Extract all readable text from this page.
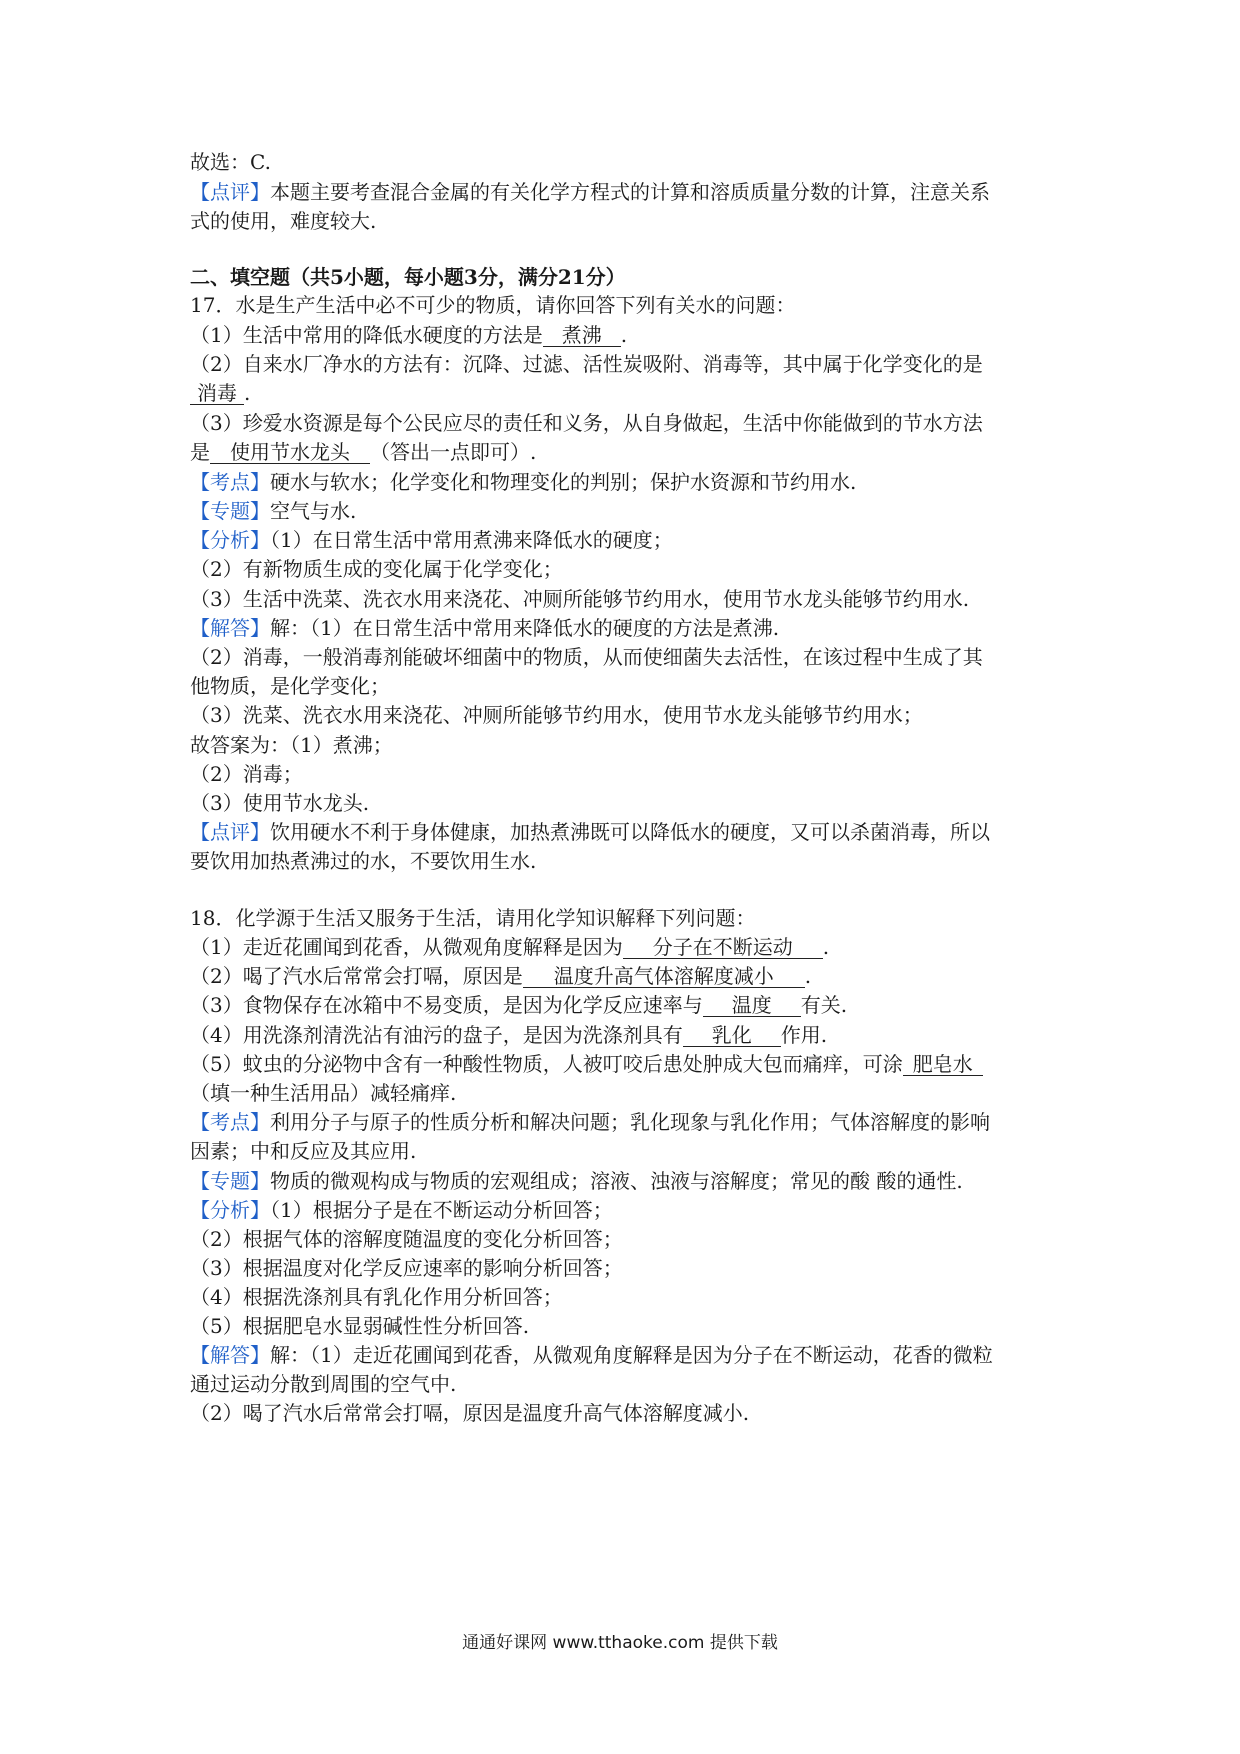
故选：C.
【点评】本题主要考查混合金属的有关化学方程式的计算和溶质质量分数的计算，注意关系
式的使用，难度较大.
二、填空题（共5小题，每小题3分，满分21分）
17．水是生产生活中必不可少的物质，请你回答下列有关水的问题：
（1）生活中常用的降低水硬度的方法是 煮沸 .
（2）自来水厂净水的方法有：沉降、过滤、活性炭吸附、消毒等，其中属于化学变化的是
消毒 .
（3）珍爱水资源是每个公民应尽的责任和义务，从自身做起，生活中你能做到的节水方法
是 使用节水龙头 （答出一点即可）.
【考点】硬水与软水；化学变化和物理变化的判别；保护水资源和节约用水.
【专题】空气与水.
【分析】（1）在日常生活中常用煮沸来降低水的硬度；
（2）有新物质生成的变化属于化学变化；
（3）生活中洗菜、洗衣水用来浇花、冲厕所能够节约用水，使用节水龙头能够节约用水.
【解答】解：（1）在日常生活中常用来降低水的硬度的方法是煮沸.
（2）消毒，一般消毒剂能破坏细菌中的物质，从而使细菌失去活性，在该过程中生成了其
他物质，是化学变化；
（3）洗菜、洗衣水用来浇花、冲厕所能够节约用水，使用节水龙头能够节约用水；
故答案为：（1）煮沸；
（2）消毒；
（3）使用节水龙头.
【点评】饮用硬水不利于身体健康，加热煮沸既可以降低水的硬度，又可以杀菌消毒，所以
要饮用加热煮沸过的水，不要饮用生水.
18．化学源于生活又服务于生活，请用化学知识解释下列问题：
（1）走近花圃闻到花香，从微观角度解释是因为 分子在不断运动 .
（2）喝了汽水后常常会打嗝，原因是 温度升高气体溶解度减小 .
（3）食物保存在冰箱中不易变质，是因为化学反应速率与 温度 有关.
（4）用洗涤剂清洗沾有油污的盘子，是因为洗涤剂具有 乳化 作用.
（5）蚊虫的分泌物中含有一种酸性物质，人被叮咬后患处肿成大包而痛痒，可涂 肥皂水
（填一种生活用品）减轻痛痒.
【考点】利用分子与原子的性质分析和解决问题；乳化现象与乳化作用；气体溶解度的影响
因素；中和反应及其应用.
【专题】物质的微观构成与物质的宏观组成；溶液、浊液与溶解度；常见的酸 酸的通性.
【分析】（1）根据分子是在不断运动分析回答；
（2）根据气体的溶解度随温度的变化分析回答；
（3）根据温度对化学反应速率的影响分析回答；
（4）根据洗涤剂具有乳化作用分析回答；
（5）根据肥皂水显弱碱性性分析回答.
【解答】解：（1）走近花圃闻到花香，从微观角度解释是因为分子在不断运动，花香的微粒
通过运动分散到周围的空气中.
（2）喝了汽水后常常会打嗝，原因是温度升高气体溶解度减小.
通通好课网 www.tthaoke.com 提供下载
